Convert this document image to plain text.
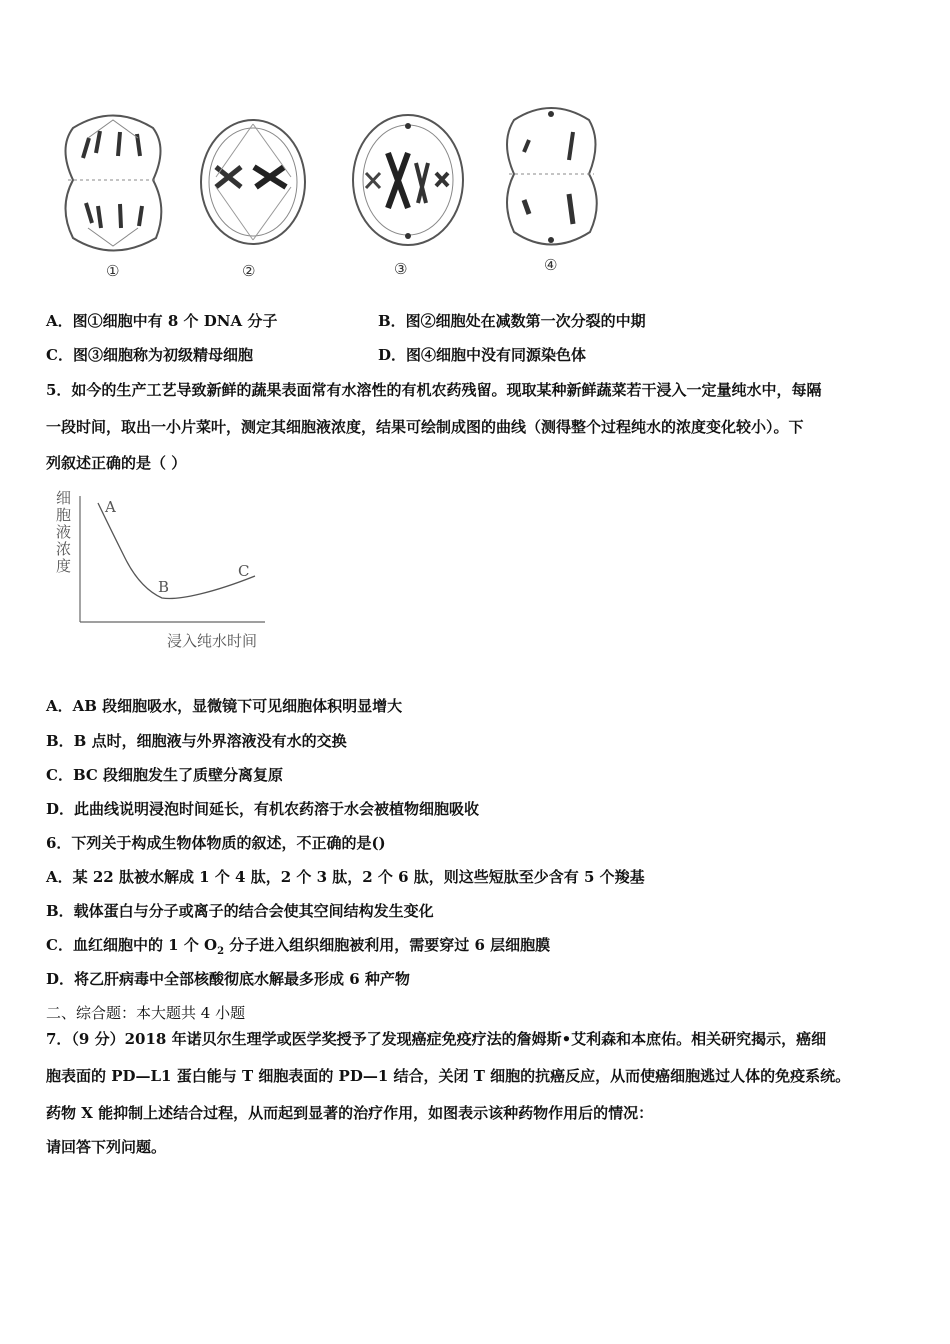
①	②	③	④
A．图①细胞中有 8 个 DNA 分子	B．图②细胞处在减数第一次分裂的中期
C．图③细胞称为初级精母细胞	D．图④细胞中没有同源染色体
5．如今的生产工艺导致新鲜的蔬果表面常有水溶性的有机农药残留。现取某种新鲜蔬菜若干浸入一定量纯水中，每隔
一段时间，取出一小片菜叶，测定其细胞液浓度，结果可绘制成图的曲线（测得整个过程纯水的浓度变化较小）。下
列叙述正确的是（ ）
细胞液浓度
A
B
C
浸入纯水时间
A．AB 段细胞吸水，显微镜下可见细胞体积明显增大
B．B 点时，细胞液与外界溶液没有水的交换
C．BC 段细胞发生了质壁分离复原
D．此曲线说明浸泡时间延长，有机农药溶于水会被植物细胞吸收
6．下列关于构成生物体物质的叙述，不正确的是()
A．某 22 肽被水解成 1 个 4 肽，2 个 3 肽，2 个 6 肽，则这些短肽至少含有 5 个羧基
B．载体蛋白与分子或离子的结合会使其空间结构发生变化
C．血红细胞中的 1 个 $O_2$ 分子进入组织细胞被利用，需要穿过 6 层细胞膜
D．将乙肝病毒中全部核酸彻底水解最多形成 6 种产物
二、综合题：本大题共 4 小题
7．（9 分）2018 年诺贝尔生理学或医学奖授予了发现癌症免疫疗法的詹姆斯•艾利森和本庶佑。相关研究揭示，癌细
胞表面的 PD—L1 蛋白能与 T 细胞表面的 PD—1 结合，关闭 T 细胞的抗癌反应，从而使癌细胞逃过人体的免疫系统。
药物 X 能抑制上述结合过程，从而起到显著的治疗作用，如图表示该种药物作用后的情况：
请回答下列问题。
